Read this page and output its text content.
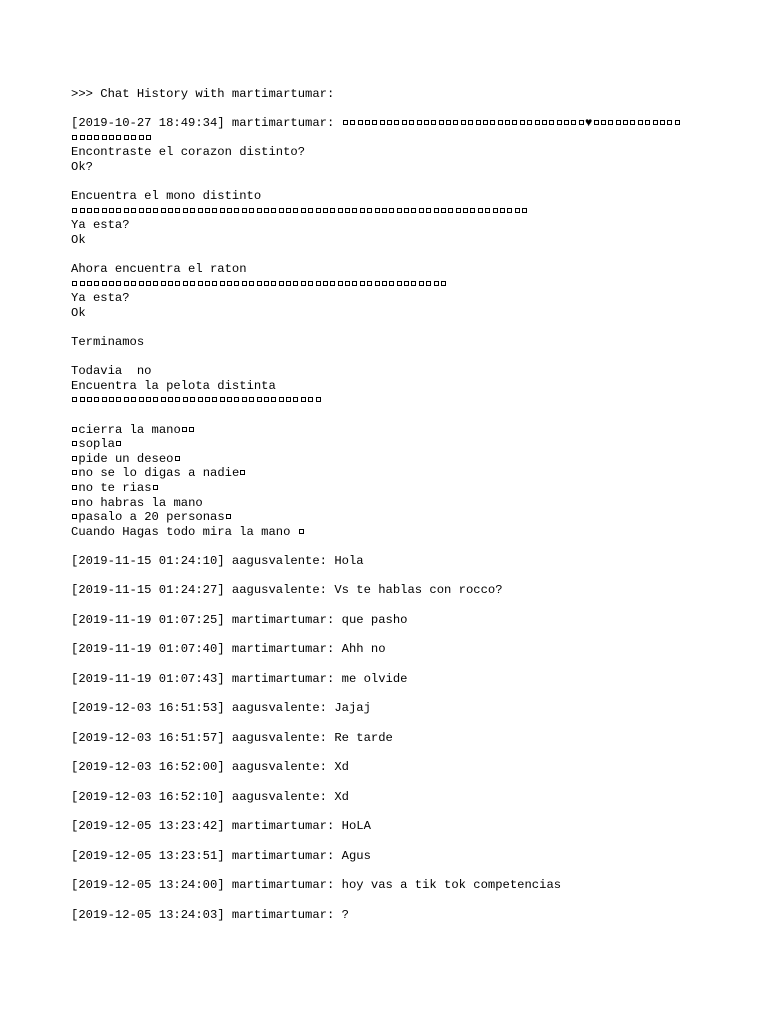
>>> Chat History with martimartumar:
[2019-10-27 18:49:34] martimartumar:	♥
Encontraste el corazon distinto?
Ok?
Encuentra el mono distinto
Ya esta?
Ok
Ahora encuentra el raton
Ya esta?
Ok
Terminamos
Todavia  no
Encuentra la pelota distinta
cierra la mano
sopla
pide un deseo
no se lo digas a nadie
no te rias
no habras la mano
pasalo a 20 personas
Cuando Hagas todo mira la mano
[2019-11-15 01:24:10] aagusvalente: Hola
[2019-11-15 01:24:27] aagusvalente: Vs te hablas con rocco?
[2019-11-19 01:07:25] martimartumar: que pasho
[2019-11-19 01:07:40] martimartumar: Ahh no
[2019-11-19 01:07:43] martimartumar: me olvide
[2019-12-03 16:51:53] aagusvalente: Jajaj
[2019-12-03 16:51:57] aagusvalente: Re tarde
[2019-12-03 16:52:00] aagusvalente: Xd
[2019-12-03 16:52:10] aagusvalente: Xd
[2019-12-05 13:23:42] martimartumar: HoLA
[2019-12-05 13:23:51] martimartumar: Agus
[2019-12-05 13:24:00] martimartumar: hoy vas a tik tok competencias
[2019-12-05 13:24:03] martimartumar: ?
